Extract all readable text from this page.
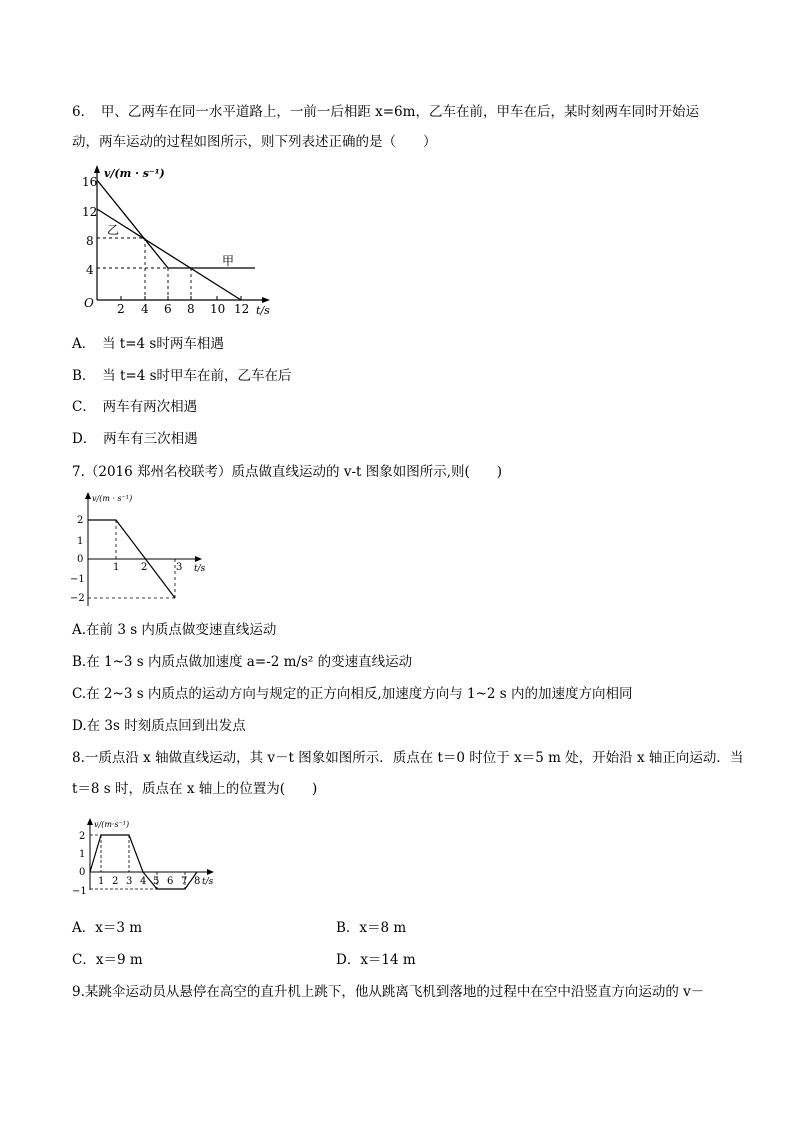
6．　甲、乙两车在同一水平道路上，一前一后相距 x=6m，乙车在前，甲车在后，某时刻两车同时开始运
动，两车运动的过程如图所示，则下列表述正确的是（　　）
v/(m · s⁻¹)
t/s
O
16
12
8
4
2 4 6 8 10 12
乙
甲
A．　当 t=4 s时两车相遇
B．　当 t=4 s时甲车在前，乙车在后
C．　两车有两次相遇
D．　两车有三次相遇
7.（2016 郑州名校联考）质点做直线运动的 v-t 图象如图所示,则(　　)
v/(m · s⁻¹)
t/s
2
1
0
−1
−2
1 2	3
A.在前 3 s 内质点做变速直线运动
B.在 1~3 s 内质点做加速度 a=-2 m/s² 的变速直线运动
C.在 2~3 s 内质点的运动方向与规定的正方向相反,加速度方向与 1~2 s 内的加速度方向相同
D.在 3s 时刻质点回到出发点
8.一质点沿 x 轴做直线运动，其 v－t 图象如图所示．质点在 t＝0 时位于 x＝5 m 处，开始沿 x 轴正向运动．当
t＝8 s 时，质点在 x 轴上的位置为(　　)
v/(m·s⁻¹)
t/s
2
1
0
−1
1 2 3 4 5 6 7 8
A．x＝3 m	B．x＝8 m
C．x＝9 m	D．x＝14 m
9.某跳伞运动员从悬停在高空的直升机上跳下，他从跳离飞机到落地的过程中在空中沿竖直方向运动的 v－
